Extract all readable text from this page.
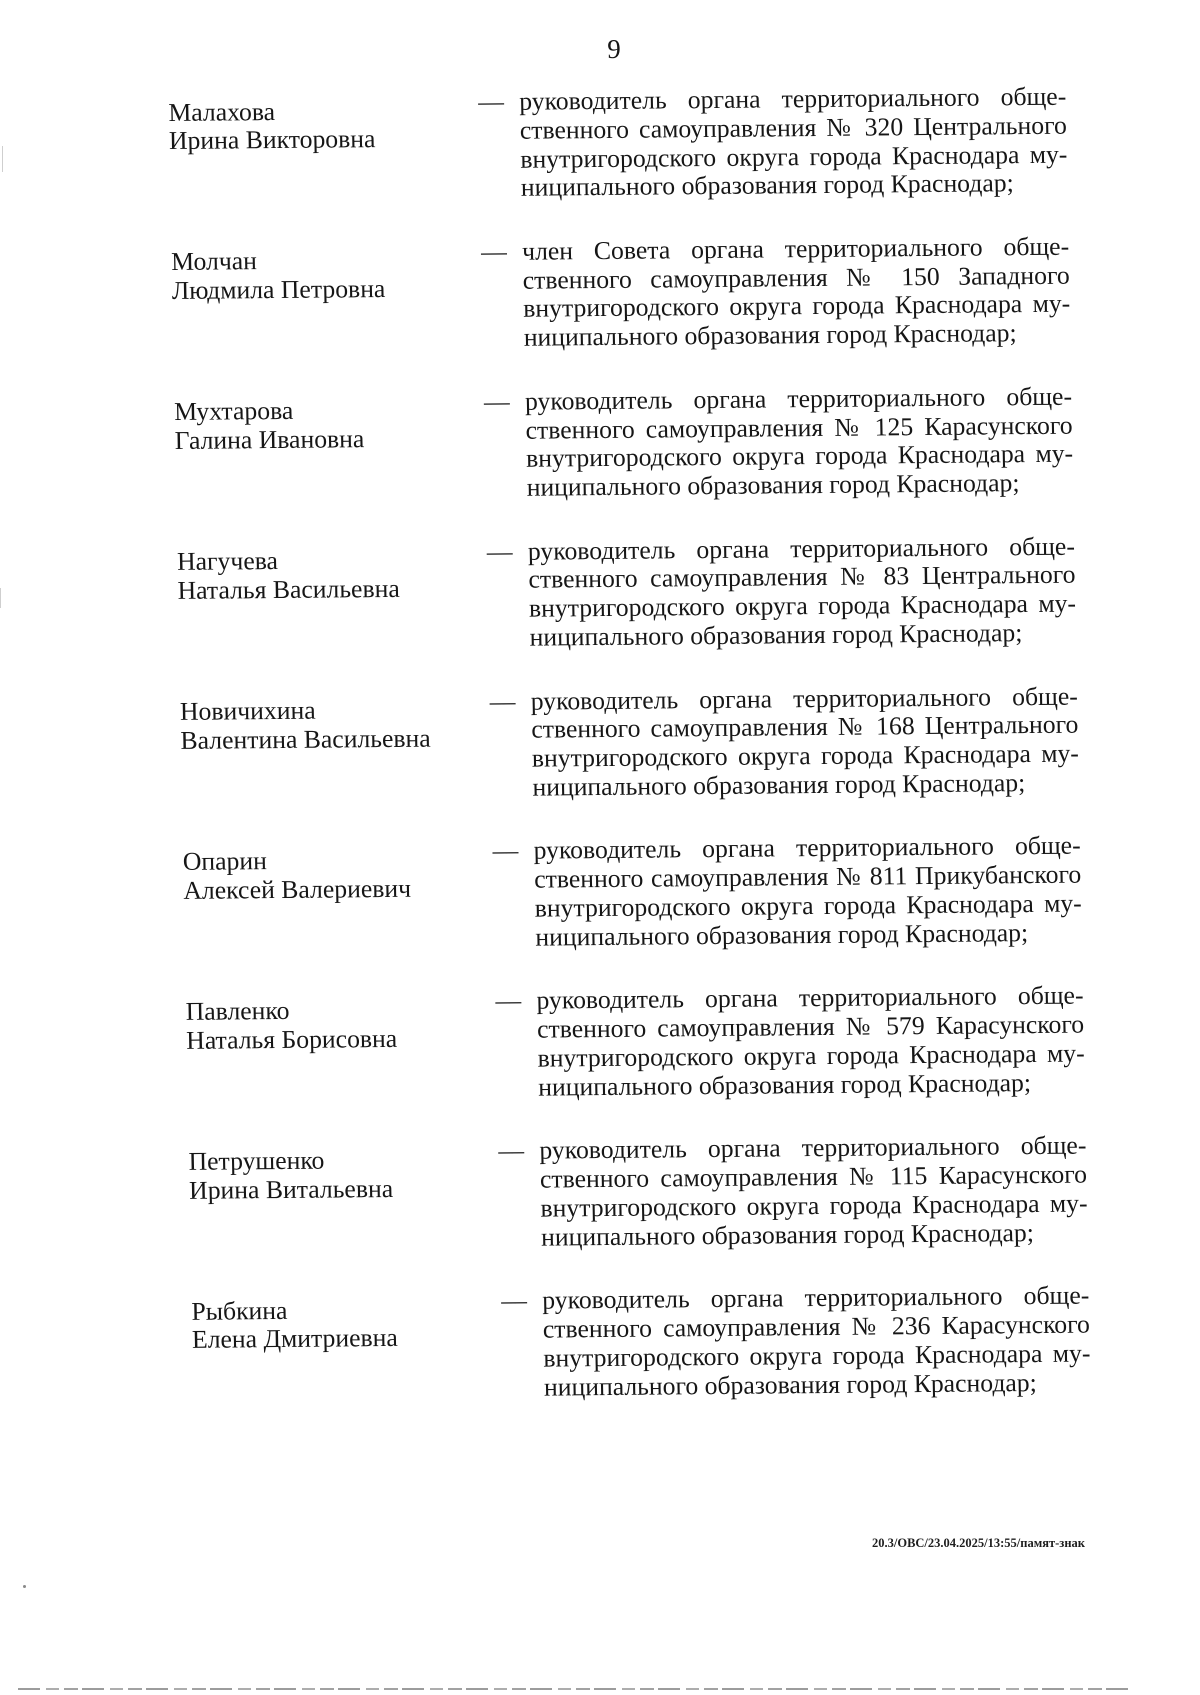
9
Малахова
Ирина Викторовна
— руководитель органа территориального обще-
ственного самоуправления № 320 Центрального
внутригородского округа города Краснодара му-
ниципального образования город Краснодар;
Молчан
Людмила Петровна
— член Совета органа территориального обще-
ственного самоуправления № 150 Западного
внутригородского округа города Краснодара му-
ниципального образования город Краснодар;
Мухтарова
Галина Ивановна
— руководитель органа территориального обще-
ственного самоуправления № 125 Карасунского
внутригородского округа города Краснодара му-
ниципального образования город Краснодар;
Нагучева
Наталья Васильевна
— руководитель органа территориального обще-
ственного самоуправления № 83 Центрального
внутригородского округа города Краснодара му-
ниципального образования город Краснодар;
Новичихина
Валентина Васильевна
— руководитель органа территориального обще-
ственного самоуправления № 168 Центрального
внутригородского округа города Краснодара му-
ниципального образования город Краснодар;
Опарин
Алексей Валериевич
— руководитель органа территориального обще-
ственного самоуправления № 811 Прикубанского
внутригородского округа города Краснодара му-
ниципального образования город Краснодар;
Павленко
Наталья Борисовна
— руководитель органа территориального обще-
ственного самоуправления № 579 Карасунского
внутригородского округа города Краснодара му-
ниципального образования город Краснодар;
Петрушенко
Ирина Витальевна
— руководитель органа территориального обще-
ственного самоуправления № 115 Карасунского
внутригородского округа города Краснодара му-
ниципального образования город Краснодар;
Рыбкина
Елена Дмитриевна
— руководитель органа территориального обще-
ственного самоуправления № 236 Карасунского
внутригородского округа города Краснодара му-
ниципального образования город Краснодар;
20.3/ОВС/23.04.2025/13:55/памят-знак
